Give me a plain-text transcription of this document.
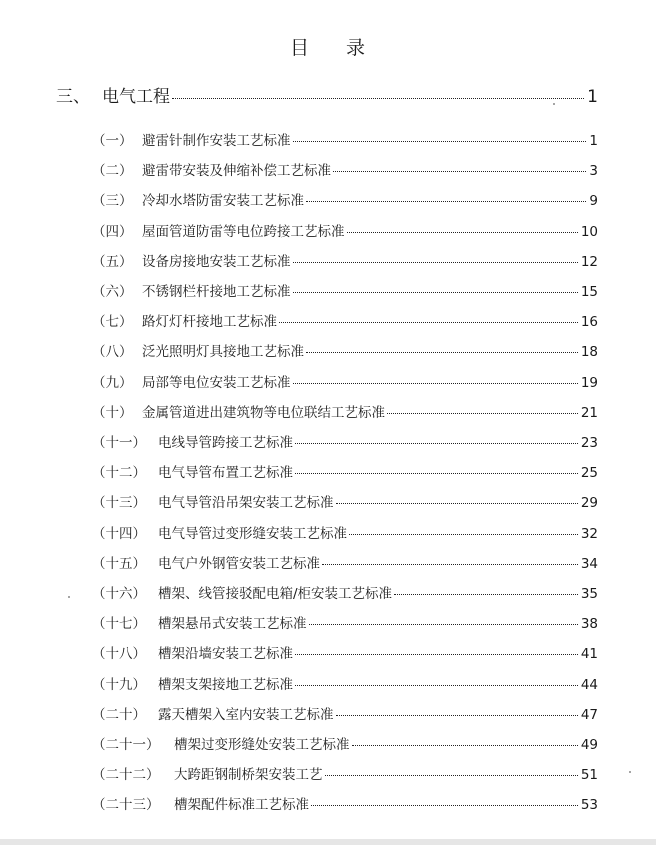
目 录
三、 电气工程	1
（一） 避雷针制作安装工艺标准	1
（二） 避雷带安装及伸缩补偿工艺标准	3
（三） 冷却水塔防雷安装工艺标准	9
（四） 屋面管道防雷等电位跨接工艺标准	10
（五） 设备房接地安装工艺标准	12
（六） 不锈钢栏杆接地工艺标准	15
（七） 路灯灯杆接地工艺标准	16
（八） 泛光照明灯具接地工艺标准	18
（九） 局部等电位安装工艺标准	19
（十） 金属管道进出建筑物等电位联结工艺标准	21
（十一） 电线导管跨接工艺标准	23
（十二） 电气导管布置工艺标准	25
（十三） 电气导管沿吊架安装工艺标准	29
（十四） 电气导管过变形缝安装工艺标准	32
（十五） 电气户外钢管安装工艺标准	34
（十六） 槽架、线管接驳配电箱/柜安装工艺标准	35
（十七） 槽架悬吊式安装工艺标准	38
（十八） 槽架沿墙安装工艺标准	41
（十九） 槽架支架接地工艺标准	44
（二十） 露天槽架入室内安装工艺标准	47
（二十一）	槽架过变形缝处安装工艺标准	49
（二十二）	大跨距钢制桥架安装工艺	51
（二十三）	槽架配件标准工艺标准	53
